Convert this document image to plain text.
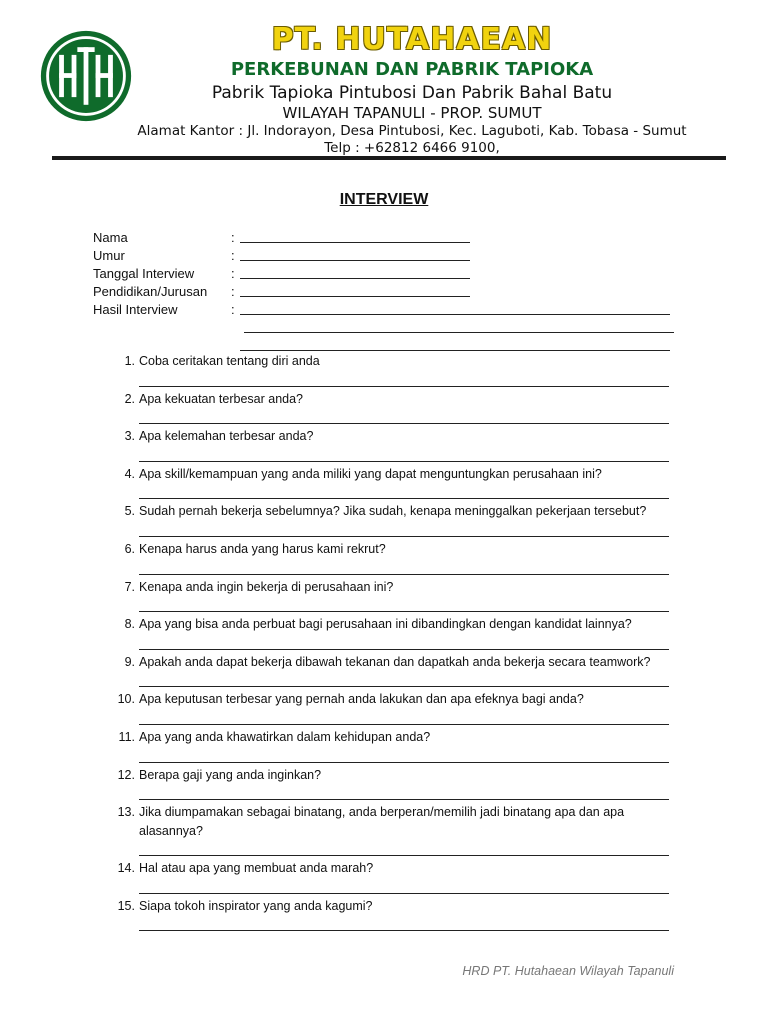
PT. HUTAHAEAN
PERKEBUNAN DAN PABRIK TAPIOKA
Pabrik Tapioka Pintubosi Dan Pabrik Bahal Batu
WILAYAH TAPANULI - PROP. SUMUT
Alamat Kantor : Jl. Indorayon, Desa Pintubosi, Kec. Laguboti, Kab. Tobasa - Sumut
Telp : +62812 6466 9100,
INTERVIEW
Nama	:
Umur	:
Tanggal Interview	:
Pendidikan/Jurusan :
Hasil Interview	:
1. Coba ceritakan tentang diri anda
2. Apa kekuatan terbesar anda?
3. Apa kelemahan terbesar anda?
4. Apa skill/kemampuan yang anda miliki yang dapat menguntungkan perusahaan ini?
5. Sudah pernah bekerja sebelumnya? Jika sudah, kenapa meninggalkan pekerjaan tersebut?
6. Kenapa harus anda yang harus kami rekrut?
7. Kenapa anda ingin bekerja di perusahaan ini?
8. Apa yang bisa anda perbuat bagi perusahaan ini dibandingkan dengan kandidat lainnya?
9. Apakah anda dapat bekerja dibawah tekanan dan dapatkah anda bekerja secara teamwork?
10. Apa keputusan terbesar yang pernah anda lakukan dan apa efeknya bagi anda?
11. Apa yang anda khawatirkan dalam kehidupan anda?
12. Berapa gaji yang anda inginkan?
13. Jika diumpamakan sebagai binatang, anda berperan/memilih jadi binatang apa dan apa alasannya?
14. Hal atau apa yang membuat anda marah?
15. Siapa tokoh inspirator yang anda kagumi?
HRD PT. Hutahaean Wilayah Tapanuli
